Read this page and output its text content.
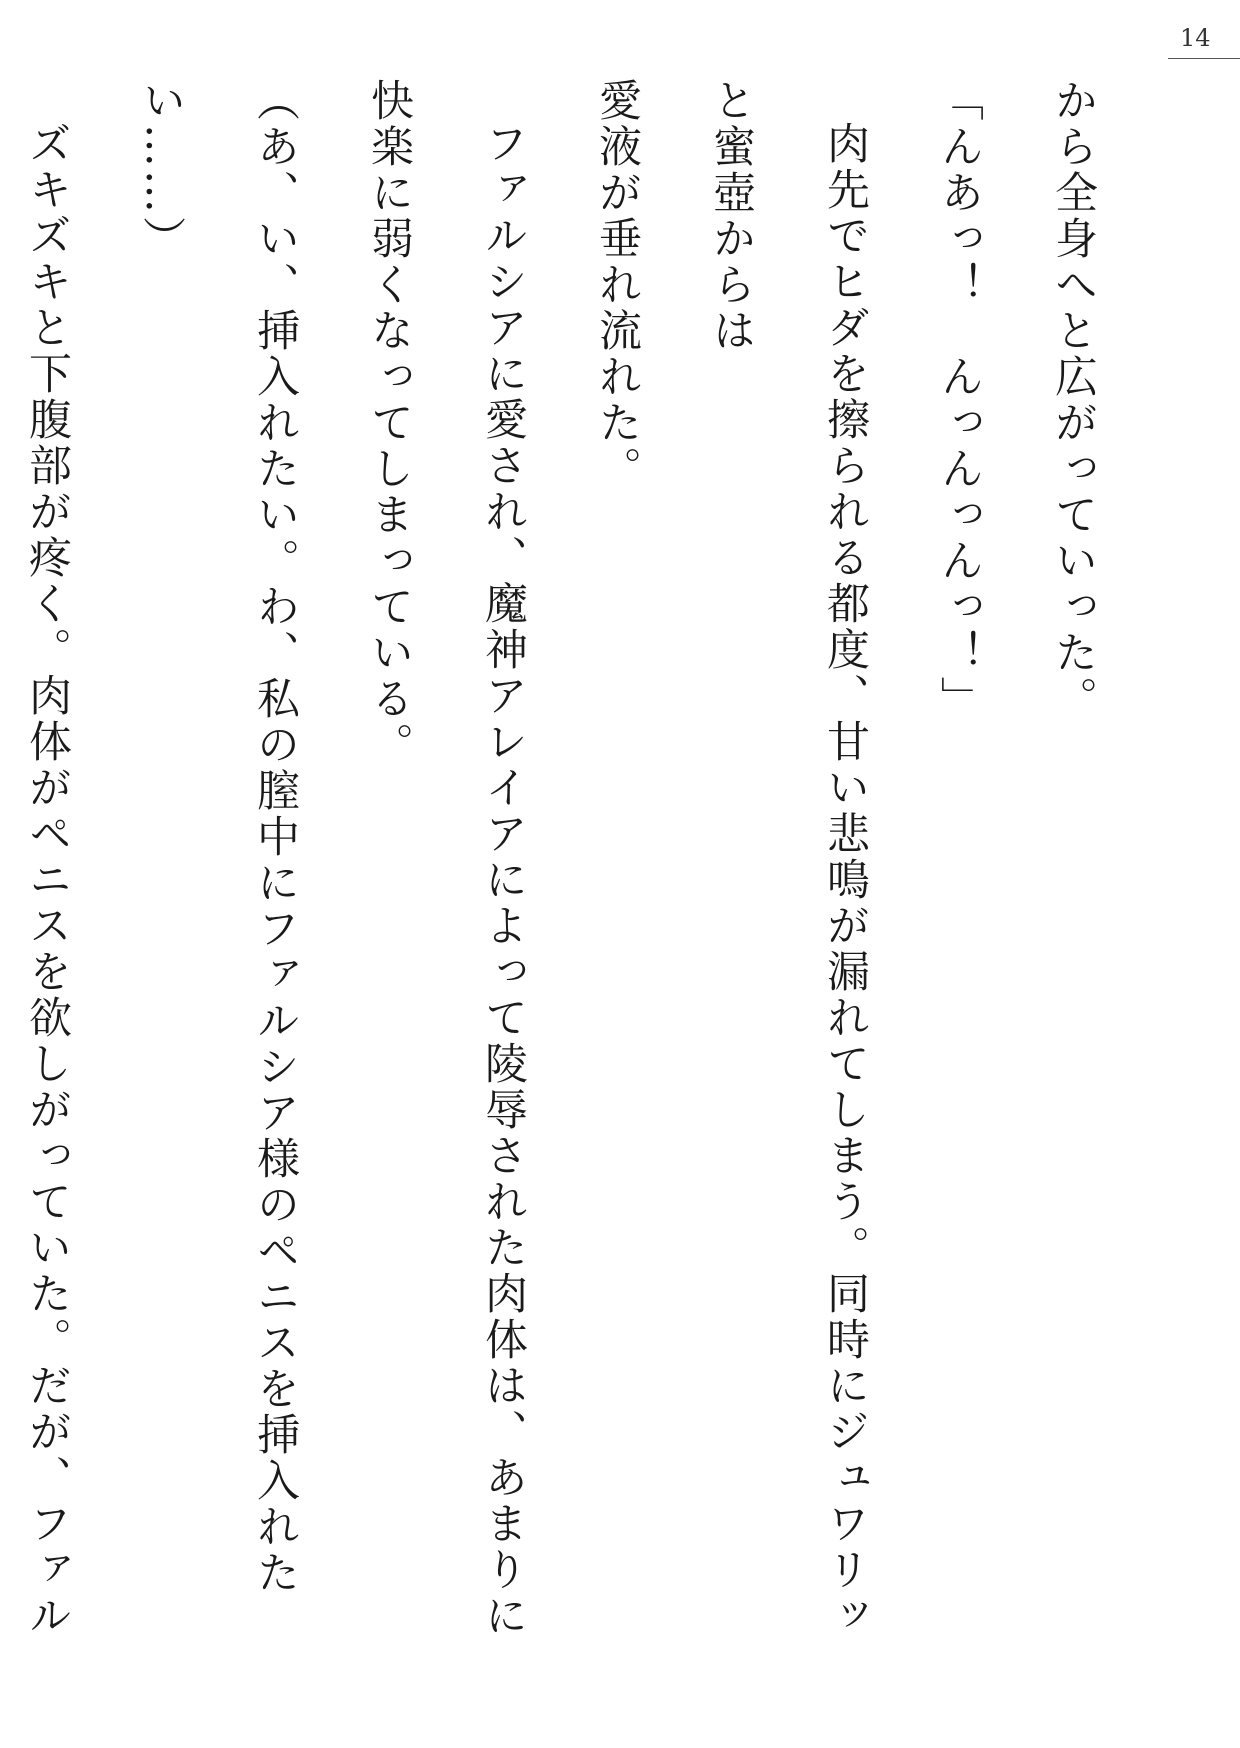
14

から全身へと広がっていった。

「んあっ！　んっんっんっ！」

肉先でヒダを擦られる都度、甘い悲鳴が漏れてしまう。同時にジュワリッと蜜壺からは

愛液が垂れ流れた。

ファルシアに愛され、魔神アレイアによって陵辱された肉体は、あまりに快楽に弱くなってしまっている。

（あ、い、挿入れたい。わ、私の膣中にファルシア様のペニスを挿入れたい……）

ズキズキと下腹部が疼く。肉体がペニスを欲しがっていた。だが、ファル
